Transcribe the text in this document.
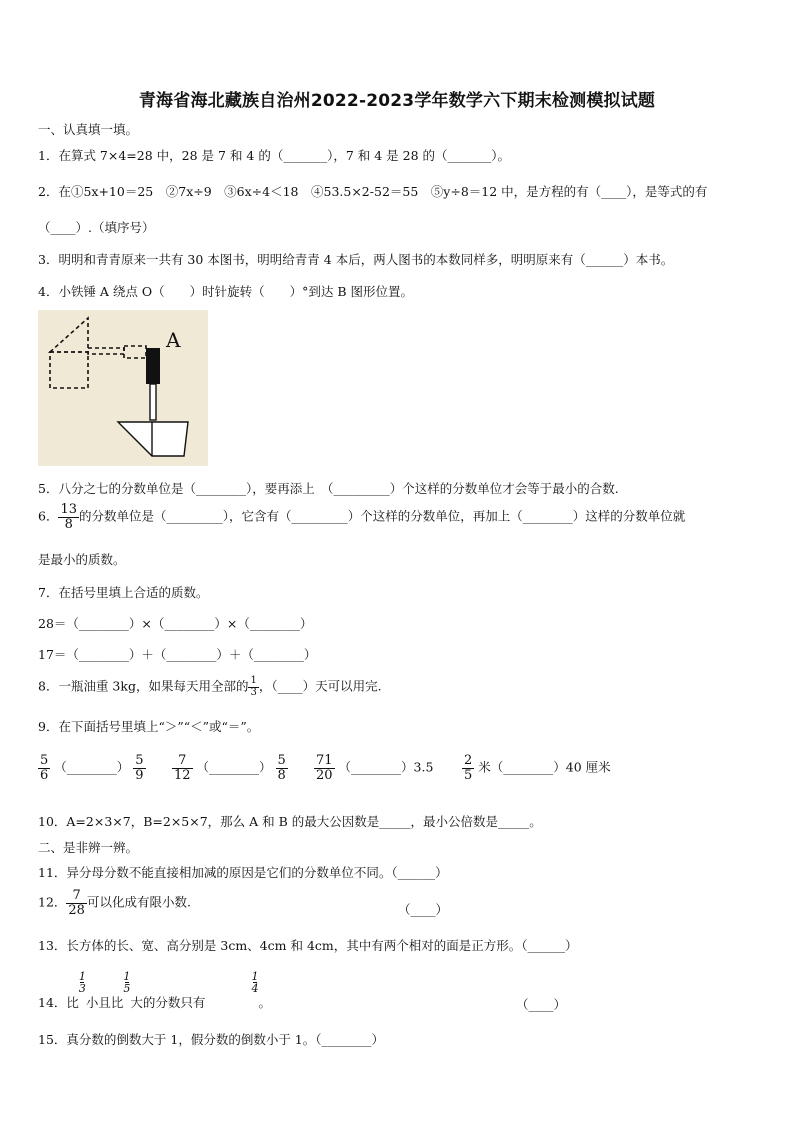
青海省海北藏族自治州2022-2023学年数学六下期末检测模拟试题
一、认真填一填。
1．在算式 7×4=28 中，28 是 7 和 4 的（_______），7 和 4 是 28 的（_______）。
2．在①5x+10＝25　②7x÷9　③6x÷4＜18　④53.5×2-52＝55　⑤y÷8＝12 中，是方程的有（____），是等式的有
（____）.（填序号）
3．明明和青青原来一共有 30 本图书，明明给青青 4 本后，两人图书的本数同样多，明明原来有（______）本书。
4．小铁锤 A 绕点 O（　　）时针旋转（　　）°到达 B 图形位置。
A
5．八分之七的分数单位是（________），要再添上　（_________）个这样的分数单位才会等于最小的合数.
6． $\frac{13}{8}$ 的分数单位是（_________），它含有（_________）个这样的分数单位，再加上（________）这样的分数单位就
是最小的质数。
7．在括号里填上合适的质数。
28＝（________）×（________）×（________）
17＝（________）＋（________）＋（________）
8．一瓶油重 3kg，如果每天用全部的 $\frac{1}{3}$ ，（____）天可以用完.
9．在下面括号里填上“＞”“＜”或“＝”。
$\frac{5}{6}$ （________） $\frac{5}{9} \frac{7}{12}$ （________） $\frac{5}{8} \frac{71}{20}$ （________）3.5 $\frac{2}{5}$ 米（________）40 厘米
10．A=2×3×7，B=2×5×7，那么 A 和 B 的最大公因数是_____，最小公倍数是_____。
二、是非辨一辨。
11．异分母分数不能直接相加减的原因是它们的分数单位不同。（______）
12． $\frac{7}{28}$ 可以化成有限小数.	（____）
13．长方体的长、宽、高分别是 3cm、4cm 和 4cm，其中有两个相对的面是正方形。（______）
14．比
$\frac{1}{3}$
小且比
$\frac{1}{5}$
大的分数只有
$\frac{1}{4}$
。	（____）
15．真分数的倒数大于 1，假分数的倒数小于 1。（________）
